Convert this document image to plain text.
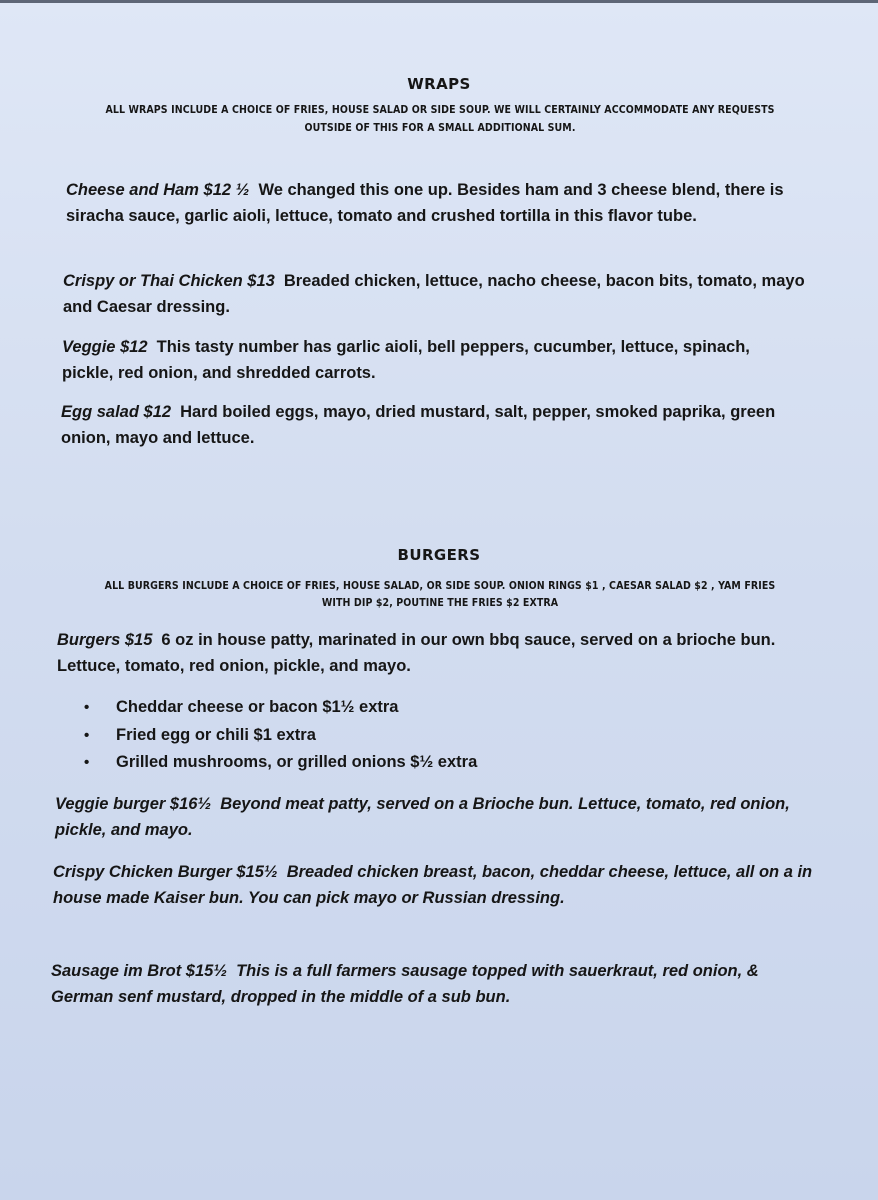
WRAPS
ALL WRAPS INCLUDE A CHOICE OF FRIES, HOUSE SALAD OR SIDE SOUP. WE WILL CERTAINLY ACCOMMODATE ANY REQUESTS
OUTSIDE OF THIS FOR A SMALL ADDITIONAL SUM.
Cheese and Ham $12 ½ We changed this one up. Besides ham and 3 cheese blend, there is siracha sauce, garlic aioli, lettuce, tomato and crushed tortilla in this flavor tube.
Crispy or Thai Chicken $13 Breaded chicken, lettuce, nacho cheese, bacon bits, tomato, mayo and Caesar dressing.
Veggie $12 This tasty number has garlic aioli, bell peppers, cucumber, lettuce, spinach, pickle, red onion, and shredded carrots.
Egg salad $12 Hard boiled eggs, mayo, dried mustard, salt, pepper, smoked paprika, green onion, mayo and lettuce.
BURGERS
ALL BURGERS INCLUDE A CHOICE OF FRIES, HOUSE SALAD, OR SIDE SOUP. ONION RINGS $1 , CAESAR SALAD $2 , YAM FRIES
WITH DIP $2, POUTINE THE FRIES $2 EXTRA
Burgers $15 6 oz in house patty, marinated in our own bbq sauce, served on a brioche bun. Lettuce, tomato, red onion, pickle, and mayo.
• Cheddar cheese or bacon $1½ extra
• Fried egg or chili $1 extra
• Grilled mushrooms, or grilled onions $½ extra
Veggie burger $16½ Beyond meat patty, served on a Brioche bun. Lettuce, tomato, red onion, pickle, and mayo.
Crispy Chicken Burger $15½ Breaded chicken breast, bacon, cheddar cheese, lettuce, all on a in house made Kaiser bun. You can pick mayo or Russian dressing.
Sausage im Brot $15½ This is a full farmers sausage topped with sauerkraut, red onion, & German senf mustard, dropped in the middle of a sub bun.
